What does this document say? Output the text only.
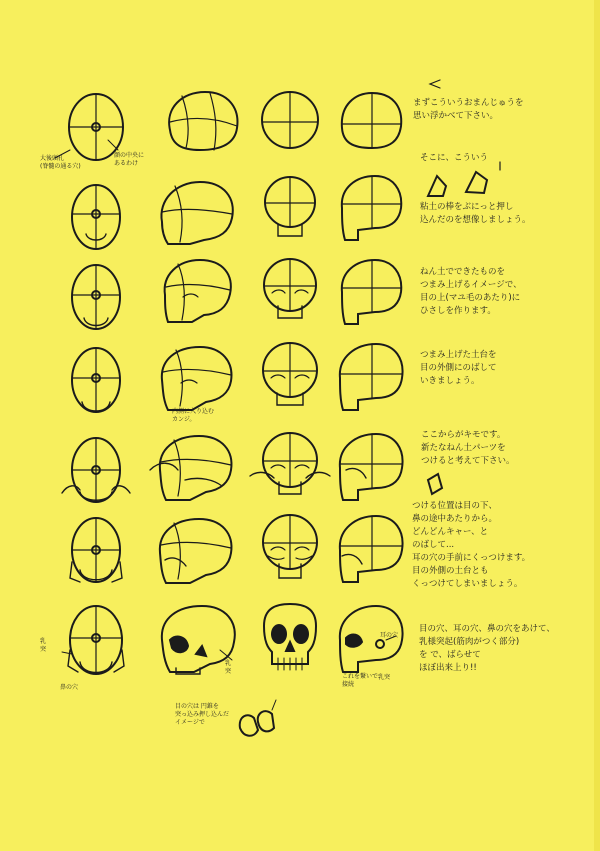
まずこういうおまんじゅうを
思い浮かべて下さい。
そこに、こういう
粘土の棒をぶにっと押し
込んだのを想像しましょう。
ねん土でできたものを
つまみ上げるイメージで、
目の上(マユ毛のあたり)に
ひさしを作ります。
つまみ上げた土台を
目の外側にのばして
いきましょう。
ここからがキモです。
新たなねん土パーツを
つけると考えて下さい。
つける位置は目の下、
鼻の途中あたりから。
どんどんキャー、と
のばして...
耳の穴の手前にくっつけます。
目の外側の土台とも
くっつけてしまいましょう。
目の穴、耳の穴、鼻の穴をあけて、
乳様突起(筋肉がつく部分)
を で、ばらせて
ほぼ出来上り!!
大後頭孔
(脊髄の通る穴)
顔の中央に
あるわけ
内側に入り込む
カンジ。
乳
突
鼻の穴
乳
突
耳の穴
これを繋いで
接続
乳突
目の穴は 円錐を
突っ込み押し込んだ
イメージで
